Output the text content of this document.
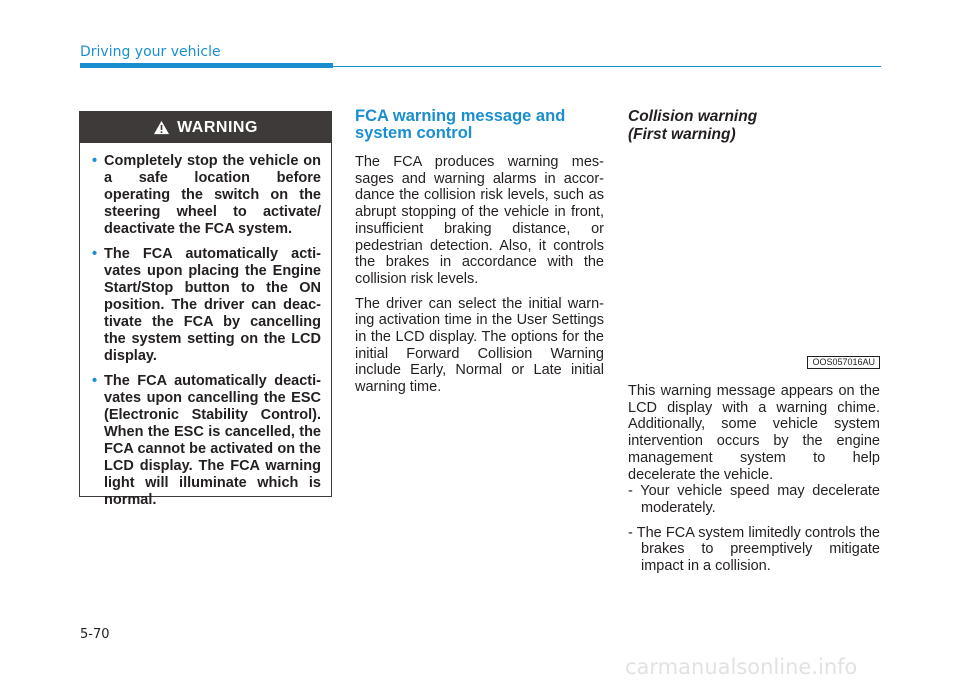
Driving your vehicle
WARNING
• Completely stop the vehicle on a safe location before operating the switch on the steering wheel to activate/ deactivate the FCA system.
• The FCA automatically acti-vates upon placing the Engine Start/Stop button to the ON position. The driver can deac-tivate the FCA by cancelling the system setting on the LCD display.
• The FCA automatically deacti-vates upon cancelling the ESC (Electronic Stability Control). When the ESC is cancelled, the FCA cannot be activated on the LCD display. The FCA warning light will illuminate which is normal.
FCA warning message and
system control

The FCA produces warning mes-sages and warning alarms in accor-dance the collision risk levels, such as abrupt stopping of the vehicle in front, insufficient braking distance, or pedestrian detection. Also, it controls the brakes in accordance with the collision risk levels.

The driver can select the initial warn-ing activation time in the User Settings in the LCD display. The options for the initial Forward Collision Warning include Early, Normal or Late initial warning time.

Collision warning
(First warning)
OOS057016AU

This warning message appears on the LCD display with a warning chime. Additionally, some vehicle system intervention occurs by the engine management system to help decelerate the vehicle.

- Your vehicle speed may decelerate moderately.

- The FCA system limitedly controls the brakes to preemptively mitigate impact in a collision.

5-70
carmanualsonline.info
